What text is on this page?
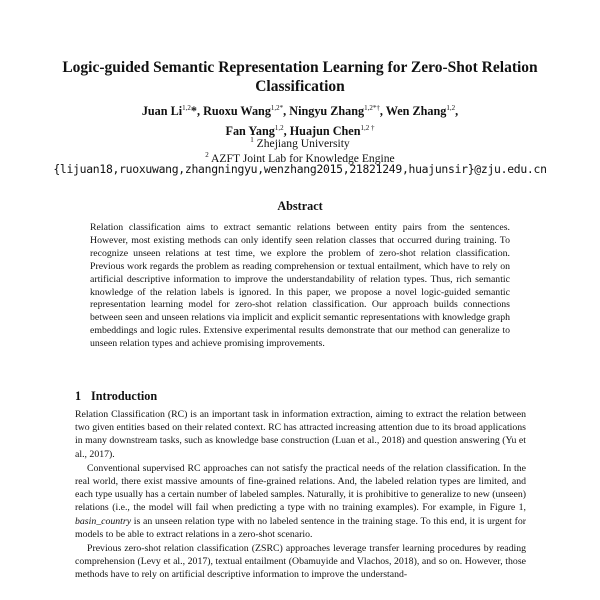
Logic-guided Semantic Representation Learning for Zero-Shot Relation Classification
Juan Li$^{1,2}$*, Ruoxu Wang$^{1,2*}$, Ningyu Zhang$^{1,2*\dagger}$, Wen Zhang$^{1,2}$,
Fan Yang$^{1,2}$, Huajun Chen$^{1,2 \dagger}$
$^1$ Zhejiang University
$^2$ AZFT Joint Lab for Knowledge Engine
{lijuan18,ruoxuwang,zhangningyu,wenzhang2015,21821249,huajunsir}@zju.edu.cn
Abstract
Relation classification aims to extract semantic relations between entity pairs from the sentences. However, most existing methods can only identify seen relation classes that occurred during training. To recognize unseen relations at test time, we explore the problem of zero-shot relation classification. Previous work regards the problem as reading comprehension or textual entailment, which have to rely on artificial descriptive information to improve the understandability of relation types. Thus, rich semantic knowledge of the relation labels is ignored. In this paper, we propose a novel logic-guided semantic representation learning model for zero-shot relation classification. Our approach builds connections between seen and unseen relations via implicit and explicit semantic representations with knowledge graph embeddings and logic rules. Extensive experimental results demonstrate that our method can generalize to unseen relation types and achieve promising improvements.
1 Introduction

Relation Classification (RC) is an important task in information extraction, aiming to extract the relation between two given entities based on their related context. RC has attracted increasing attention due to its broad applications in many downstream tasks, such as knowledge base construction (Luan et al., 2018) and question answering (Yu et al., 2017).

Conventional supervised RC approaches can not satisfy the practical needs of the relation classification. In the real world, there exist massive amounts of fine-grained relations. And, the labeled relation types are limited, and each type usually has a certain number of labeled samples. Naturally, it is prohibitive to generalize to new (unseen) relations (i.e., the model will fail when predicting a type with no training examples). For example, in Figure 1, basin_country is an unseen relation type with no labeled sentence in the training stage. To this end, it is urgent for models to be able to extract relations in a zero-shot scenario.

Previous zero-shot relation classification (ZSRC) approaches leverage transfer learning procedures by reading comprehension (Levy et al., 2017), textual entailment (Obamuyide and Vlachos, 2018), and so on. However, those methods have to rely on artificial descriptive information to improve the understand-
